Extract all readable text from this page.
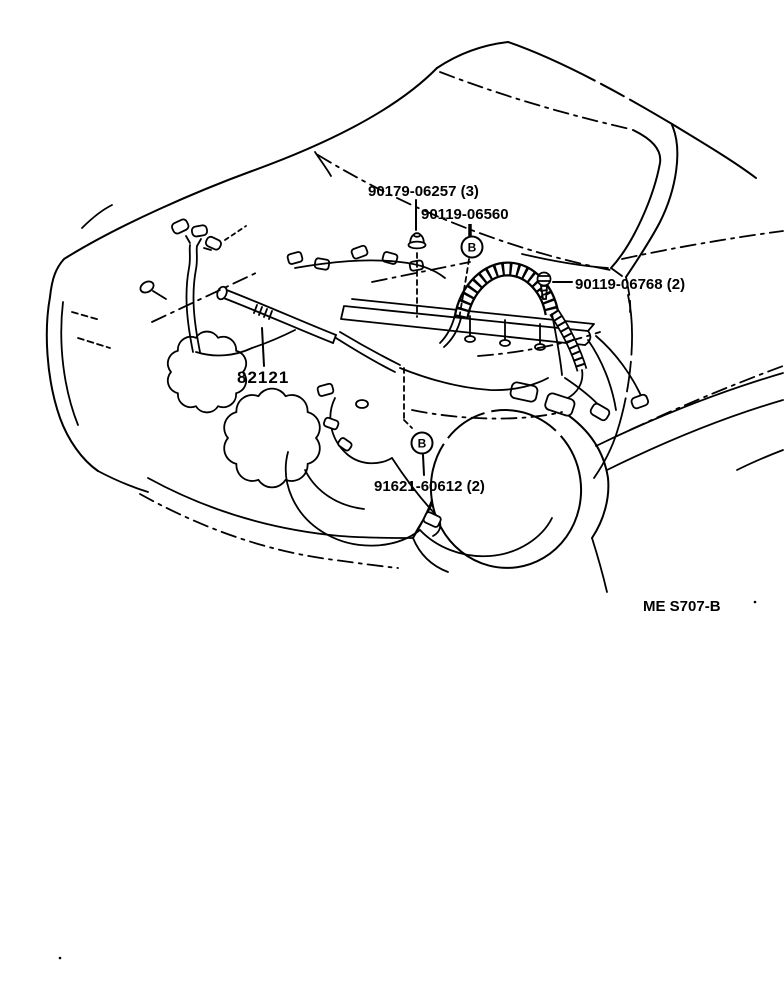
90179-06257 (3)
90119-06560
B
90119-06768 (2)
82121
B
91621-60612 (2)
ME S707-B
